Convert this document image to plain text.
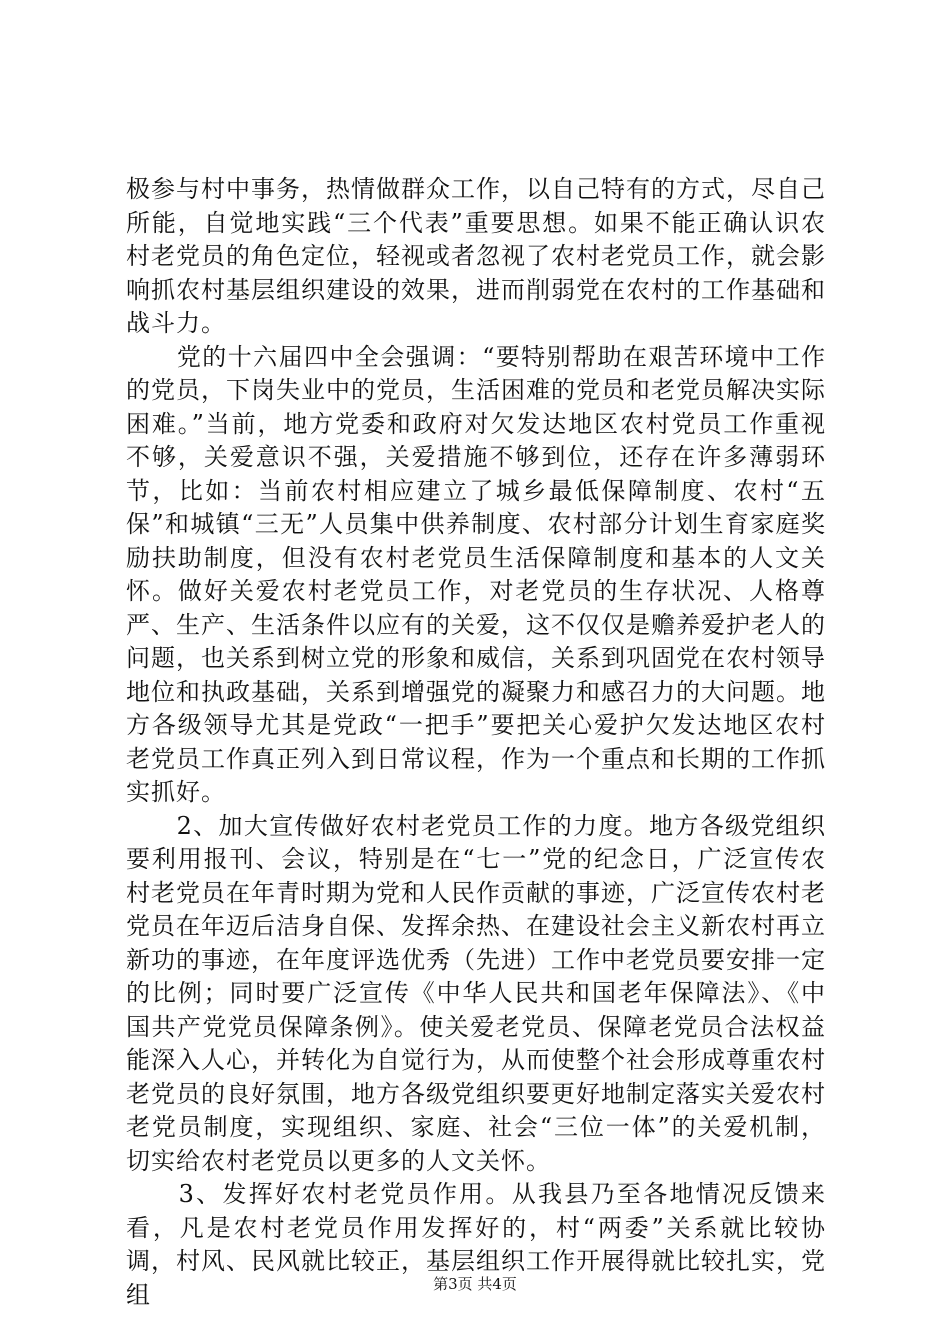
极参与村中事务，热情做群众工作，以自己特有的方式，尽自己所能，自觉地实践“三个代表”重要思想。如果不能正确认识农村老党员的角色定位，轻视或者忽视了农村老党员工作，就会影响抓农村基层组织建设的效果，进而削弱党在农村的工作基础和战斗力。

　　党的十六届四中全会强调：“要特别帮助在艰苦环境中工作的党员，下岗失业中的党员，生活困难的党员和老党员解决实际困难。”当前，地方党委和政府对欠发达地区农村党员工作重视不够，关爱意识不强，关爱措施不够到位，还存在许多薄弱环节，比如：当前农村相应建立了城乡最低保障制度、农村“五保”和城镇“三无”人员集中供养制度、农村部分计划生育家庭奖励扶助制度，但没有农村老党员生活保障制度和基本的人文关怀。做好关爱农村老党员工作，对老党员的生存状况、人格尊严、生产、生活条件以应有的关爱，这不仅仅是赡养爱护老人的问题，也关系到树立党的形象和威信，关系到巩固党在农村领导地位和执政基础，关系到增强党的凝聚力和感召力的大问题。地方各级领导尤其是党政“一把手”要把关心爱护欠发达地区农村老党员工作真正列入到日常议程，作为一个重点和长期的工作抓实抓好。

　　2、加大宣传做好农村老党员工作的力度。地方各级党组织要利用报刊、会议，特别是在“七一”党的纪念日，广泛宣传农村老党员在年青时期为党和人民作贡献的事迹，广泛宣传农村老党员在年迈后洁身自保、发挥余热、在建设社会主义新农村再立新功的事迹，在年度评选优秀（先进）工作中老党员要安排一定的比例；同时要广泛宣传《中华人民共和国老年保障法》、《中国共产党党员保障条例》。使关爱老党员、保障老党员合法权益能深入人心，并转化为自觉行为，从而使整个社会形成尊重农村老党员的良好氛围，地方各级党组织要更好地制定落实关爱农村老党员制度，实现组织、家庭、社会“三位一体”的关爱机制，切实给农村老党员以更多的人文关怀。

　　3、发挥好农村老党员作用。从我县乃至各地情况反馈来看，凡是农村老党员作用发挥好的，村“两委”关系就比较协调，村风、民风就比较正，基层组织工作开展得就比较扎实，党组	第3页 共4页
